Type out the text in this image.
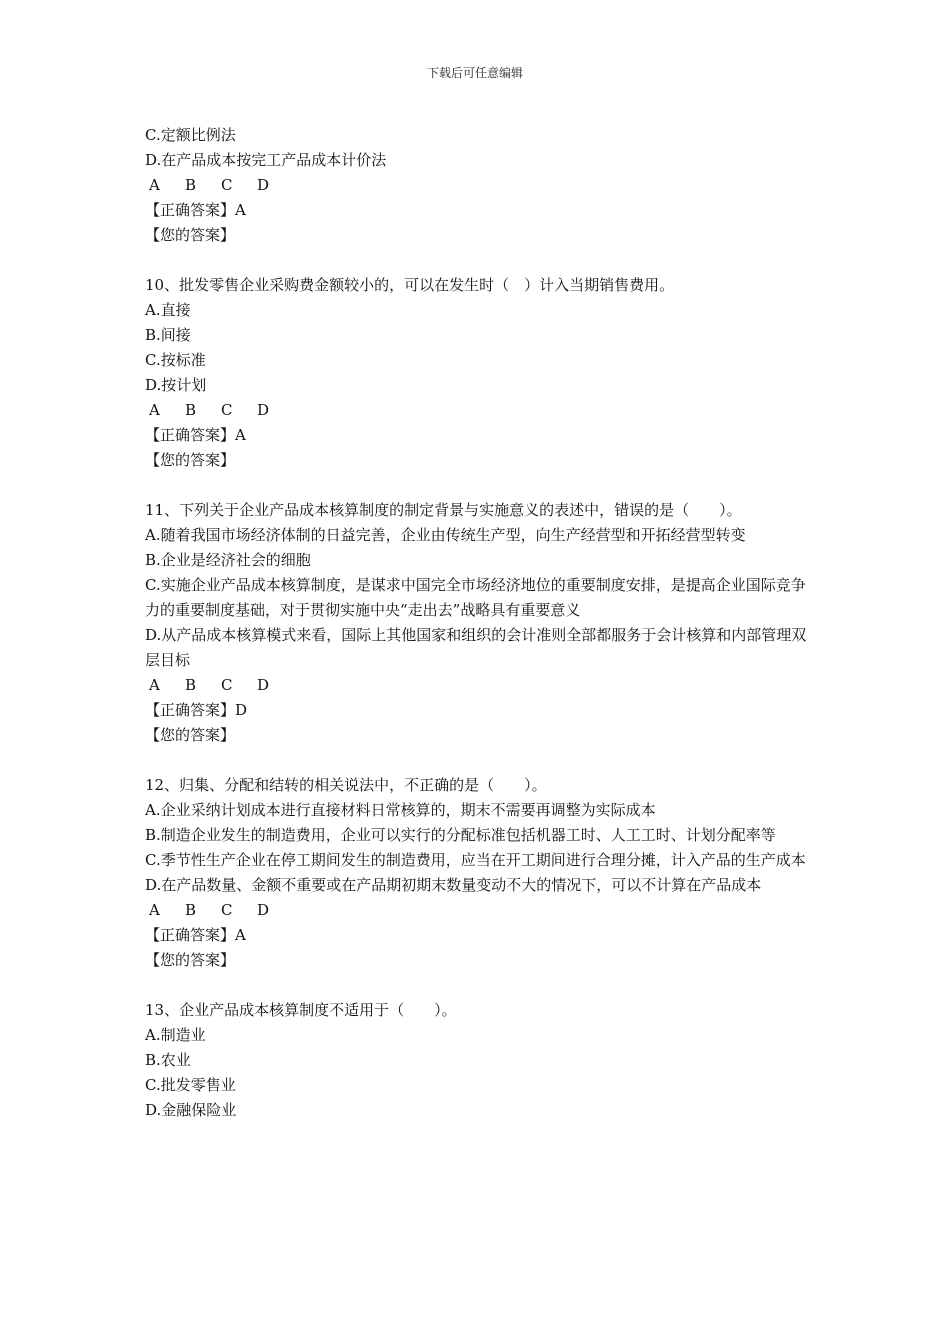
下载后可任意编辑
C.定额比例法
D.在产品成本按完工产品成本计价法
A	B	C	D
【正确答案】A
【您的答案】
10、批发零售企业采购费金额较小的，可以在发生时（　）计入当期销售费用。
A.直接
B.间接
C.按标准
D.按计划
A	B	C	D
【正确答案】A
【您的答案】
11、下列关于企业产品成本核算制度的制定背景与实施意义的表述中，错误的是（　　）。
A.随着我国市场经济体制的日益完善，企业由传统生产型，向生产经营型和开拓经营型转变
B.企业是经济社会的细胞
C.实施企业产品成本核算制度，是谋求中国完全市场经济地位的重要制度安排，是提高企业国际竞争力的重要制度基础，对于贯彻实施中央“走出去”战略具有重要意义
D.从产品成本核算模式来看，国际上其他国家和组织的会计准则全部都服务于会计核算和内部管理双层目标
A	B	C	D
【正确答案】D
【您的答案】
12、归集、分配和结转的相关说法中，不正确的是（　　）。
A.企业采纳计划成本进行直接材料日常核算的，期末不需要再调整为实际成本
B.制造企业发生的制造费用，企业可以实行的分配标准包括机器工时、人工工时、计划分配率等
C.季节性生产企业在停工期间发生的制造费用，应当在开工期间进行合理分摊，计入产品的生产成本
D.在产品数量、金额不重要或在产品期初期末数量变动不大的情况下，可以不计算在产品成本
A	B	C	D
【正确答案】A
【您的答案】
13、企业产品成本核算制度不适用于（　　）。
A.制造业
B.农业
C.批发零售业
D.金融保险业
